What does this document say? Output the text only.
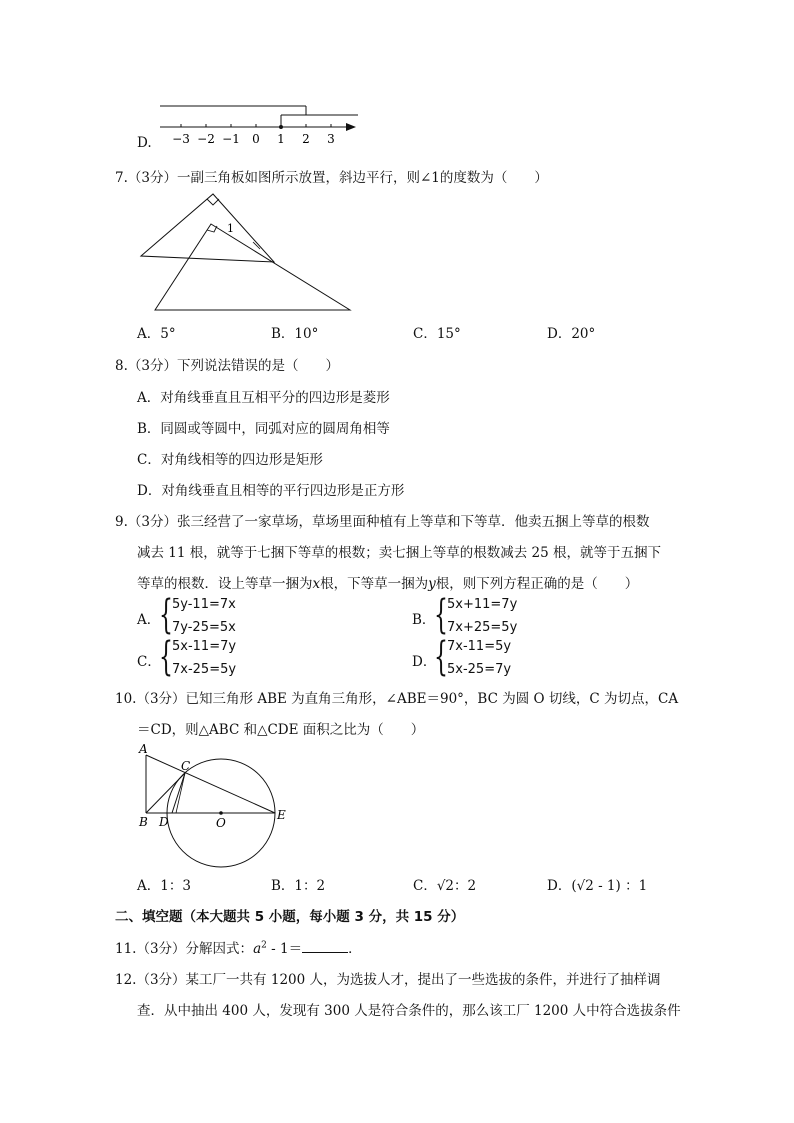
D. −3 −2 −1 0 1 2 3
7.（3分）一副三角板如图所示放置，斜边平行，则∠1的度数为（　　）
1
A．5°	B．10°	C．15°	D．20°
8.（3分）下列说法错误的是（　　）
A．对角线垂直且互相平分的四边形是菱形
B．同圆或等圆中，同弧对应的圆周角相等
C．对角线相等的四边形是矩形
D．对角线垂直且相等的平行四边形是正方形
9.（3分）张三经营了一家草场，草场里面种植有上等草和下等草．他卖五捆上等草的根数
减去 11 根，就等于七捆下等草的根数；卖七捆上等草的根数减去 25 根，就等于五捆下
等草的根数．设上等草一捆为x根，下等草一捆为y根，则下列方程正确的是（　　）
A．
{ 5y-11=7x
7y-25=5x	B．
{ 5x+11=7y
7x+25=5y
C．
{ 5x-11=7y
7x-25=5y	D．
{ 7x-11=5y
5x-25=7y
10.（3分）已知三角形 ABE 为直角三角形，∠ABE＝90°，BC 为圆 O 切线，C 为切点，CA
＝CD，则△ABC 和△CDE 面积之比为（　　）
A
C
B D	O
E
A．1：3	B．1：2	C．√2：2	D．(√2 - 1) ：1
二、填空题（本大题共 5 小题，每小题 3 分，共 15 分）
11.（3分）分解因式：$a^2 - 1=$	．
12.（3分）某工厂一共有 1200 人，为选拔人才，提出了一些选拔的条件，并进行了抽样调
查．从中抽出 400 人，发现有 300 人是符合条件的，那么该工厂 1200 人中符合选拔条件
